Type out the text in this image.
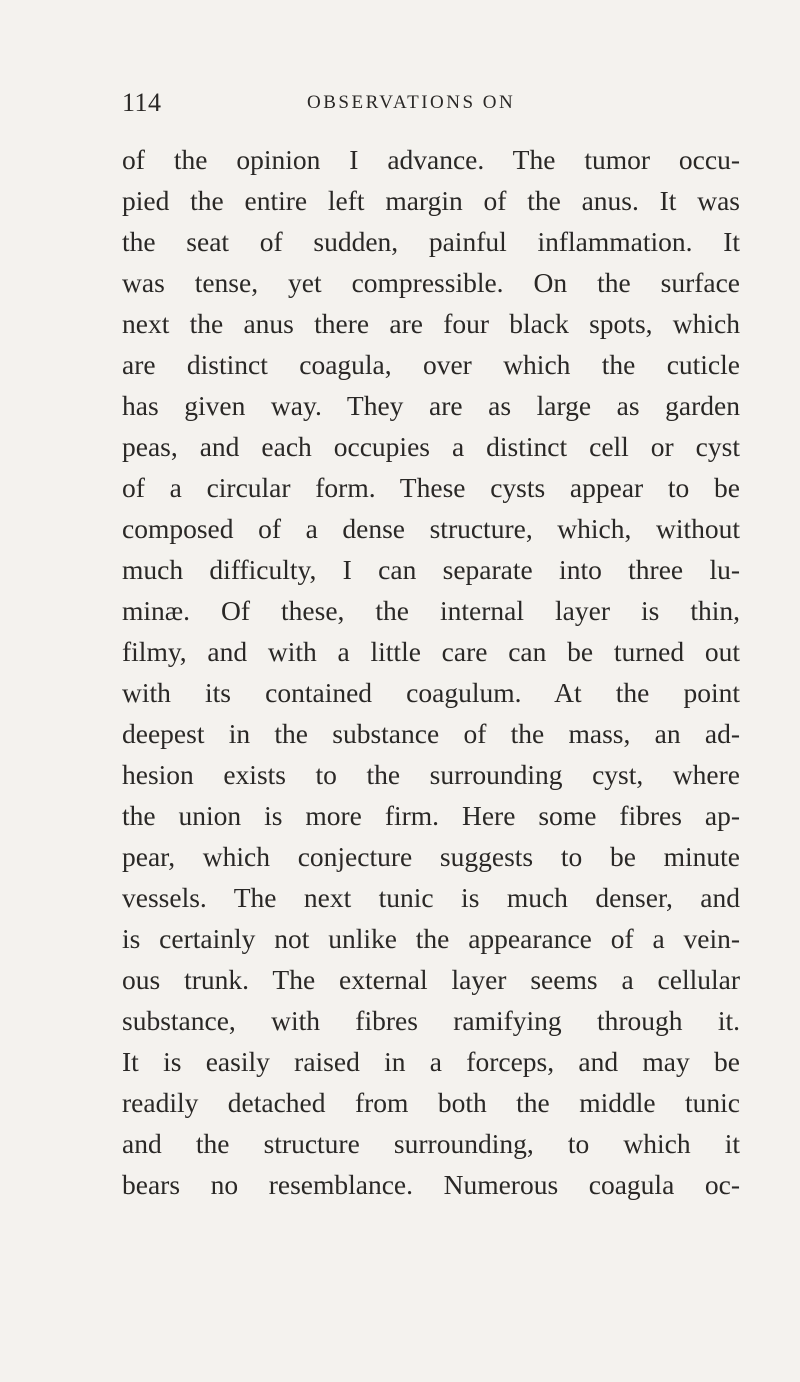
114	OBSERVATIONS ON
of the opinion I advance. The tumor occu-
pied the entire left margin of the anus. It was
the seat of sudden, painful inflammation. It
was tense, yet compressible. On the surface
next the anus there are four black spots, which
are distinct coagula, over which the cuticle
has given way. They are as large as garden
peas, and each occupies a distinct cell or cyst
of a circular form. These cysts appear to be
composed of a dense structure, which, without
much difficulty, I can separate into three lu-
minæ. Of these, the internal layer is thin,
filmy, and with a little care can be turned out
with its contained coagulum. At the point
deepest in the substance of the mass, an ad-
hesion exists to the surrounding cyst, where
the union is more firm. Here some fibres ap-
pear, which conjecture suggests to be minute
vessels. The next tunic is much denser, and
is certainly not unlike the appearance of a vein-
ous trunk. The external layer seems a cellular
substance, with fibres ramifying through it.
It is easily raised in a forceps, and may be
readily detached from both the middle tunic
and the structure surrounding, to which it
bears no resemblance. Numerous coagula oc-
